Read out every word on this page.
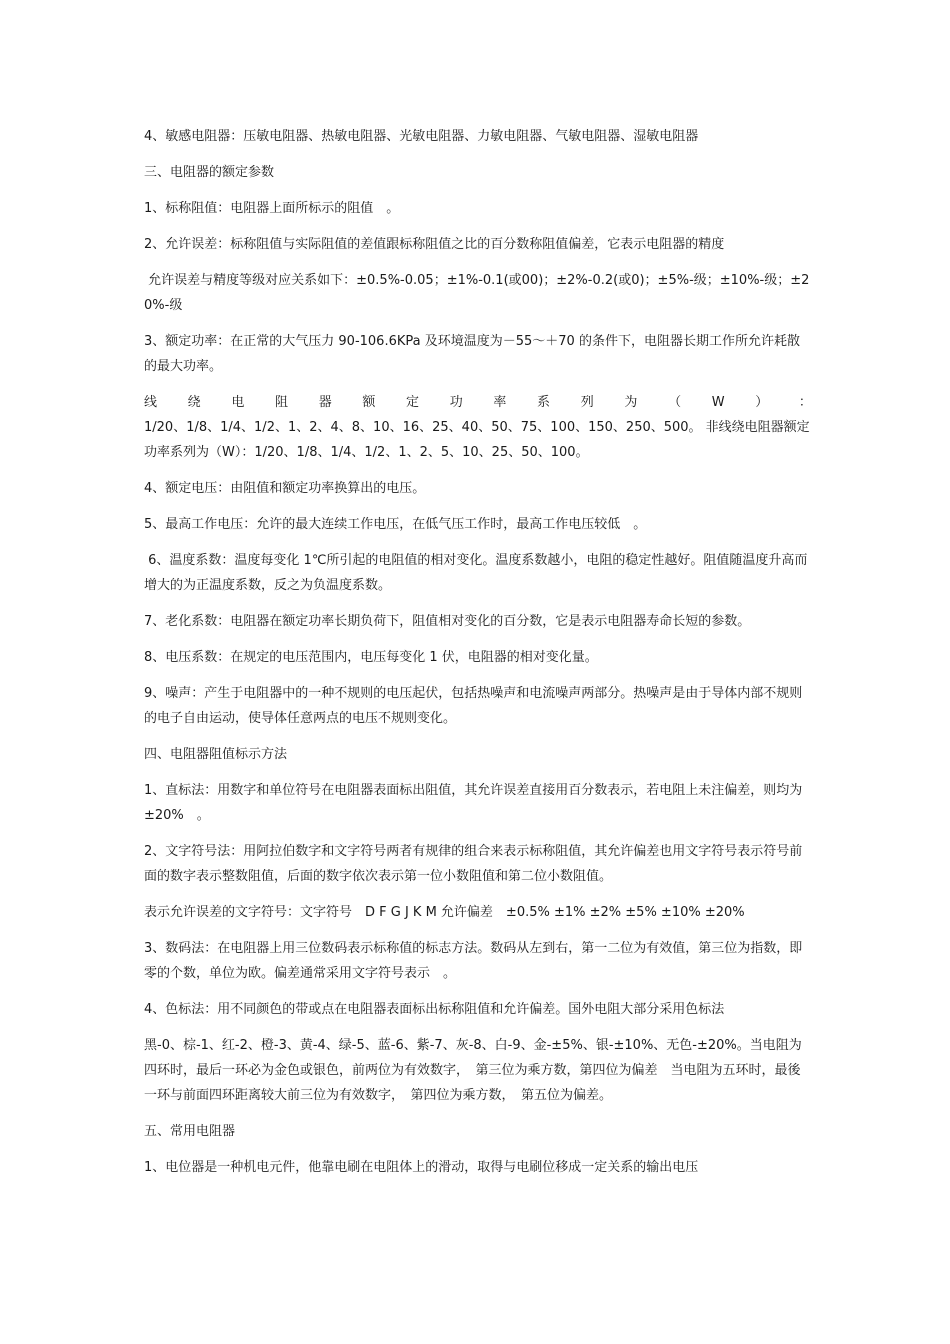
4、敏感电阻器：压敏电阻器、热敏电阻器、光敏电阻器、力敏电阻器、气敏电阻器、湿敏电阻器

三、电阻器的额定参数

1、标称阻值：电阻器上面所标示的阻值　。

2、允许误差：标称阻值与实际阻值的差值跟标称阻值之比的百分数称阻值偏差，它表示电阻器的精度

允许误差与精度等级对应关系如下：±0.5%-0.05；±1%-0.1(或00)；±2%-0.2(或0)；±5%-级；±10%-级；±20%-级

3、额定功率：在正常的大气压力 90-106.6KPa 及环境温度为－55～＋70 的条件下，电阻器长期工作所允许耗散的最大功率。

线 绕 电 阻 器 额 定 功 率 系 列 为 （ W ） ：
1/20、1/8、1/4、1/2、1、2、4、8、10、16、25、40、50、75、100、150、250、500。 非线绕电阻器额定功率系列为（W）：1/20、1/8、1/4、1/2、1、2、5、10、25、50、100。

4、额定电压：由阻值和额定功率换算出的电压。

5、最高工作电压：允许的最大连续工作电压，在低气压工作时，最高工作电压较低　。

6、温度系数：温度每变化 1℃所引起的电阻值的相对变化。温度系数越小，电阻的稳定性越好。阻值随温度升高而增大的为正温度系数，反之为负温度系数。

7、老化系数：电阻器在额定功率长期负荷下，阻值相对变化的百分数，它是表示电阻器寿命长短的参数。

8、电压系数：在规定的电压范围内，电压每变化 1 伏，电阻器的相对变化量。

9、噪声：产生于电阻器中的一种不规则的电压起伏，包括热噪声和电流噪声两部分。热噪声是由于导体内部不规则的电子自由运动，使导体任意两点的电压不规则变化。

四、电阻器阻值标示方法

1、直标法：用数字和单位符号在电阻器表面标出阻值，其允许误差直接用百分数表示，若电阻上未注偏差，则均为±20%　。

2、文字符号法：用阿拉伯数字和文字符号两者有规律的组合来表示标称阻值，其允许偏差也用文字符号表示符号前面的数字表示整数阻值，后面的数字依次表示第一位小数阻值和第二位小数阻值。

表示允许误差的文字符号：文字符号　D F G J K M 允许偏差　±0.5% ±1% ±2% ±5% ±10% ±20%

3、数码法：在电阻器上用三位数码表示标称值的标志方法。数码从左到右，第一二位为有效值，第三位为指数，即零的个数，单位为欧。偏差通常采用文字符号表示　。

4、色标法：用不同颜色的带或点在电阻器表面标出标称阻值和允许偏差。国外电阻大部分采用色标法

黑-0、棕-1、红-2、橙-3、黄-4、绿-5、蓝-6、紫-7、灰-8、白-9、金-±5%、银-±10%、无色-±20%。当电阻为四环时，最后一环必为金色或银色，前两位为有效数字，　第三位为乘方数，第四位为偏差　当电阻为五环时，最後一环与前面四环距离较大前三位为有效数字，　第四位为乘方数，　第五位为偏差。

五、常用电阻器

1、电位器是一种机电元件，他靠电刷在电阻体上的滑动，取得与电刷位移成一定关系的输出电压
